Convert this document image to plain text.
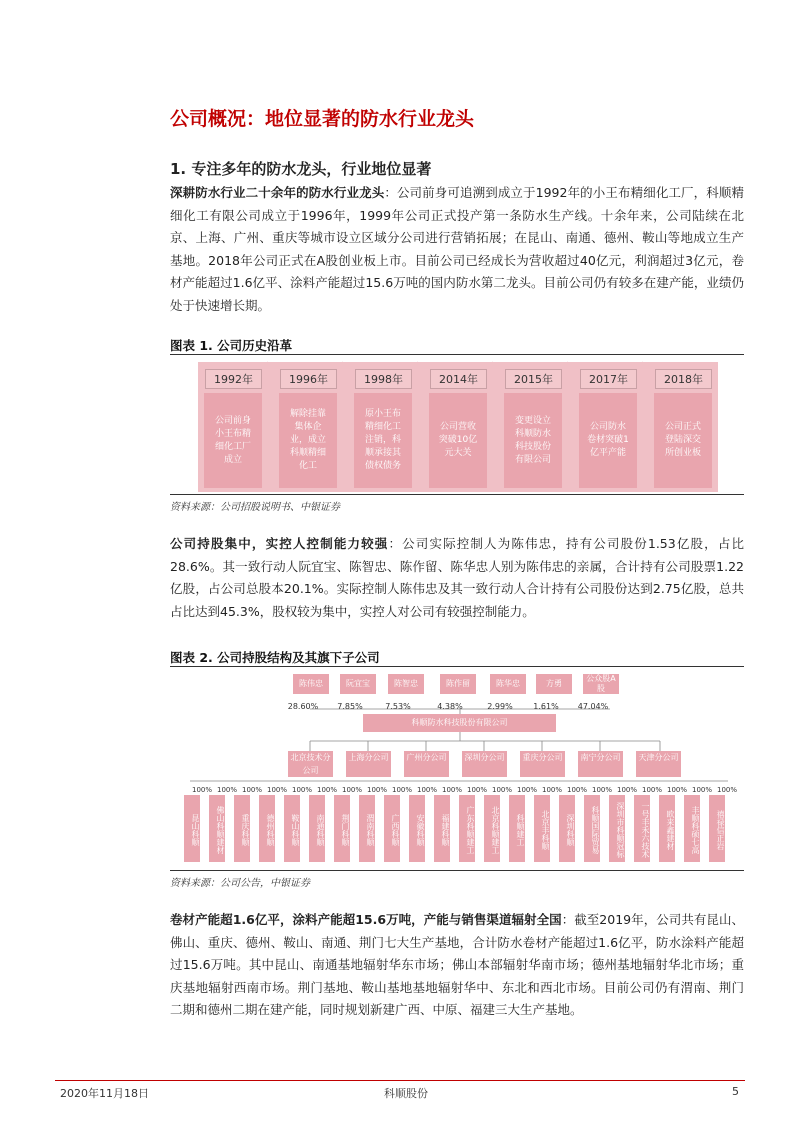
公司概况：地位显著的防水行业龙头
1. 专注多年的防水龙头，行业地位显著
深耕防水行业二十余年的防水行业龙头：公司前身可追溯到成立于1992年的小王布精细化工厂，科顺精细化工有限公司成立于1996年，1999年公司正式投产第一条防水生产线。十余年来，公司陆续在北京、上海、广州、重庆等城市设立区域分公司进行营销拓展；在昆山、南通、德州、鞍山等地成立生产基地。2018年公司正式在A股创业板上市。目前公司已经成长为营收超过40亿元，利润超过3亿元，卷材产能超过1.6亿平、涂料产能超过15.6万吨的国内防水第二龙头。目前公司仍有较多在建产能，业绩仍处于快速增长期。
图表 1. 公司历史沿革
1992年
公司前身小王布精细化工厂成立
1996年
解除挂靠集体企业，成立科顺精细化工
1998年
原小王布精细化工注销，科顺承接其债权债务
2014年
公司营收突破10亿元大关
2015年
变更设立科顺防水科技股份有限公司
2017年
公司防水卷材突破1亿平产能
2018年
公司正式登陆深交所创业板
资料来源：公司招股说明书、中银证券
公司持股集中，实控人控制能力较强：公司实际控制人为陈伟忠，持有公司股份1.53亿股，占比28.6%。其一致行动人阮宜宝、陈智忠、陈作留、陈华忠人别为陈伟忠的亲属，合计持有公司股票1.22亿股，占公司总股本20.1%。实际控制人陈伟忠及其一致行动人合计持有公司股份达到2.75亿股，总共占比达到45.3%，股权较为集中，实控人对公司有较强控制能力。
图表 2. 公司持股结构及其旗下子公司
科顺防水科技股份有限公司
陈伟忠
28.60%
阮宜宝
7.85%
陈智忠
7.53%
陈作留
4.38%
陈华忠
2.99%
方勇
1.61%
公众股A股
47.04%
北京技术分公司
上海分公司	广州分公司	深圳分公司	重庆分公司	南宁分公司	天津分公司
100%
昆山科顺
100%
佛山科顺建材
100%
重庆科顺
100%
德州科顺
100%
鞍山科顺
100%
南通科顺
100%
荆门科顺
100%
渭南科顺
100%
广西科顺
100%
安徽科顺
100%
福建科顺
100%
广东科顺建工
100%
北京科顺建工
100%
科顺建工
100%
北京丰科顺
100%
深圳科顺
100%
科顺国际贸易
100%
深圳市科顺冠标
100%
一号丰禾六技术
100%
欧来鑫建材
100%
丰顺科硕七高
100%
禧禄信正岩
资料来源：公司公告，中银证券
卷材产能超1.6亿平，涂料产能超15.6万吨，产能与销售渠道辐射全国：截至2019年，公司共有昆山、佛山、重庆、德州、鞍山、南通、荆门七大生产基地，合计防水卷材产能超过1.6亿平，防水涂料产能超过15.6万吨。其中昆山、南通基地辐射华东市场；佛山本部辐射华南市场；德州基地辐射华北市场；重庆基地辐射西南市场。荆门基地、鞍山基地基地辐射华中、东北和西北市场。目前公司仍有渭南、荆门二期和德州二期在建产能，同时规划新建广西、中原、福建三大生产基地。
2020年11月18日	科顺股份	5
